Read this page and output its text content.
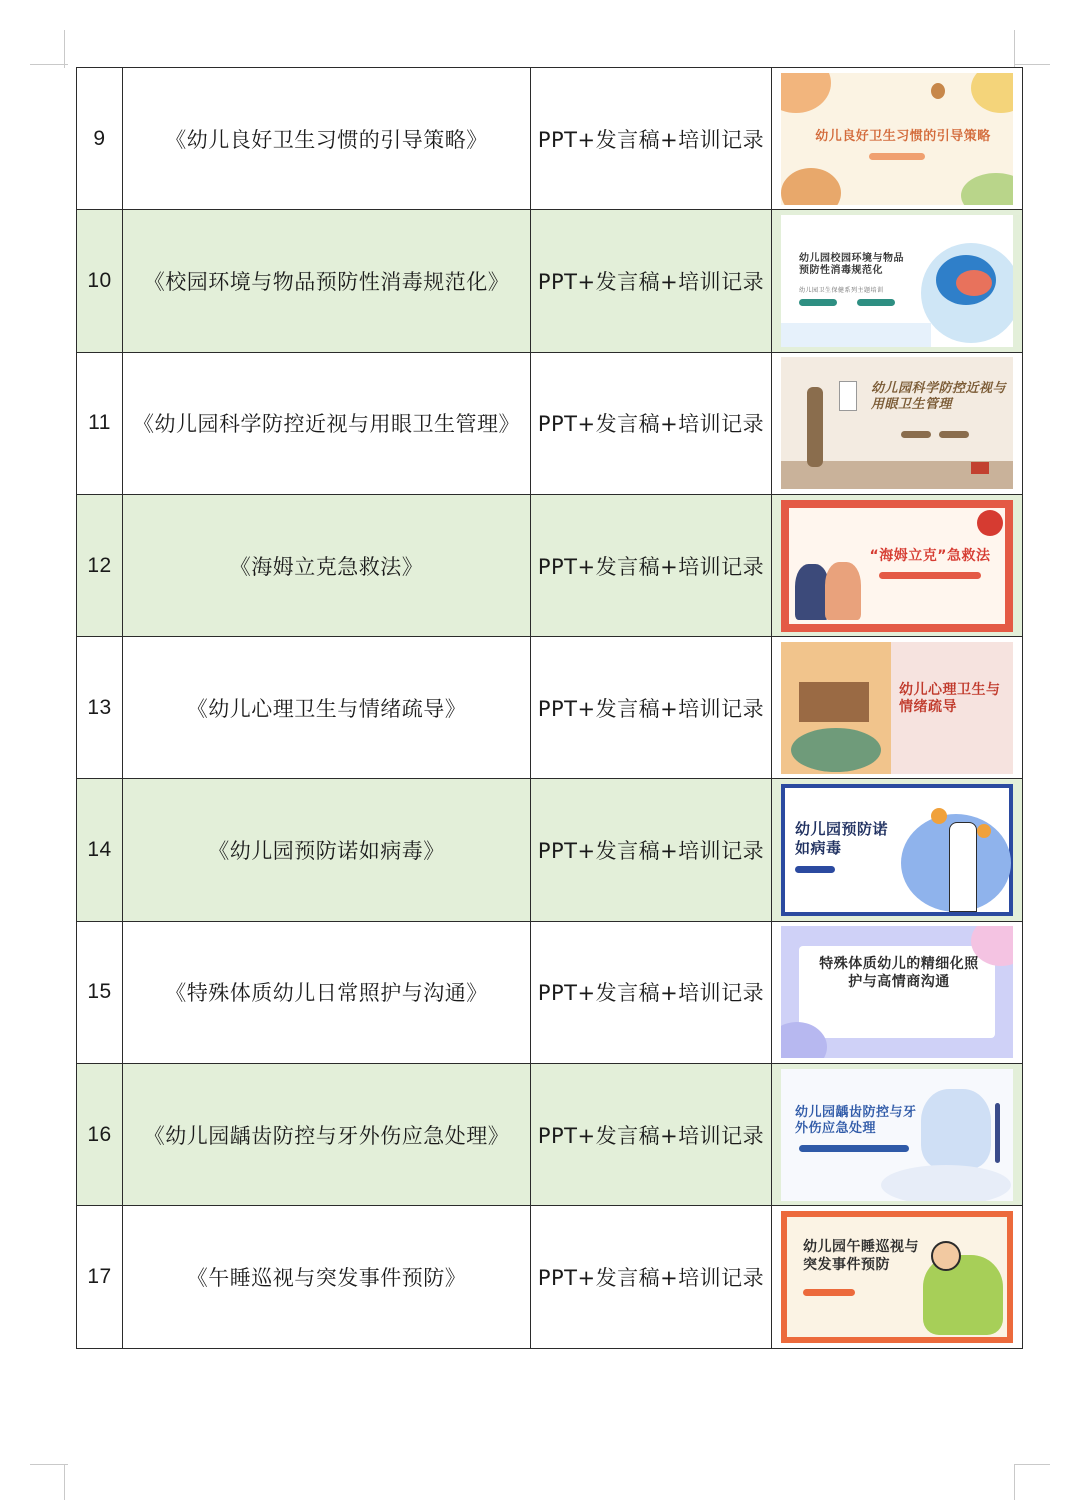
9	《幼儿良好卫生习惯的引导策略》	PPT+发言稿+培训记录	幼儿良好卫生习惯的引导策略

10	《校园环境与物品预防性消毒规范化》	PPT+发言稿+培训记录	幼儿园校园环境与物品预防性消毒规范化
幼儿园卫生保健系列主题培训

11	《幼儿园科学防控近视与用眼卫生管理》	PPT+发言稿+培训记录	幼儿园科学防控近视与用眼卫生管理

12	《海姆立克急救法》	PPT+发言稿+培训记录	“海姆立克”急救法

13	《幼儿心理卫生与情绪疏导》	PPT+发言稿+培训记录	幼儿心理卫生与情绪疏导

14	《幼儿园预防诺如病毒》	PPT+发言稿+培训记录	幼儿园预防诺如病毒

15	《特殊体质幼儿日常照护与沟通》	PPT+发言稿+培训记录	特殊体质幼儿的精细化照护与高情商沟通

16	《幼儿园龋齿防控与牙外伤应急处理》	PPT+发言稿+培训记录	幼儿园龋齿防控与牙外伤应急处理

17	《午睡巡视与突发事件预防》	PPT+发言稿+培训记录	幼儿园午睡巡视与突发事件预防
